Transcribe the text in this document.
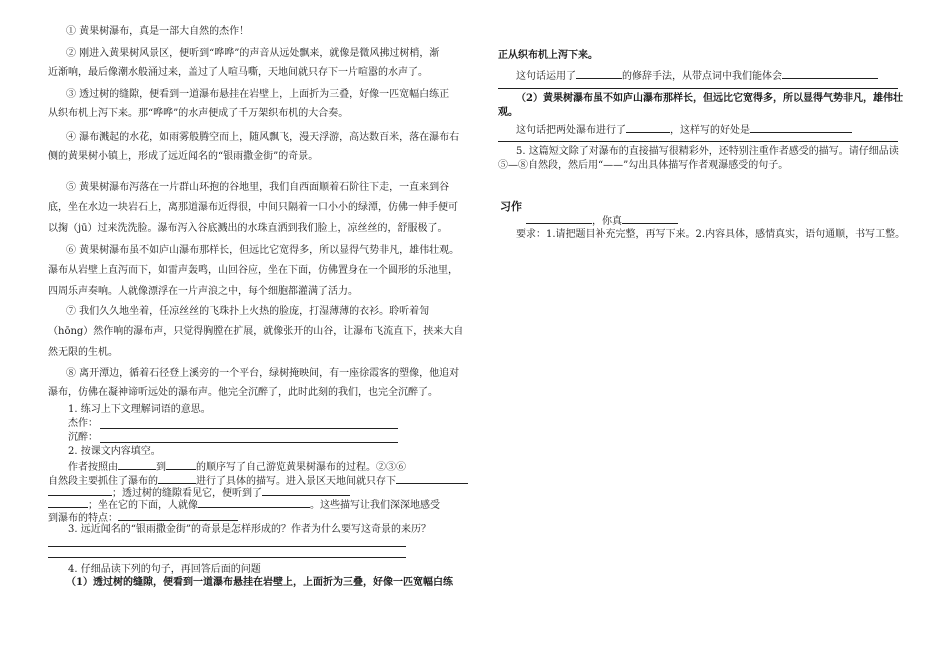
① 黄果树瀑布，真是一部大自然的杰作！
② 刚进入黄果树风景区，便听到“哗哗”的声音从远处飘来，就像是微风拂过树梢，渐
近渐响，最后像潮水般涌过来，盖过了人喧马嘶，天地间就只存下一片喧嚣的水声了。
③ 透过树的缝隙，便看到一道瀑布悬挂在岩壁上，上面折为三叠，好像一匹宽幅白练正
从织布机上泻下来。那“哗哗”的水声便成了千万架织布机的大合奏。
④ 瀑布溅起的水花，如雨雾般腾空而上，随风飘飞，漫天浮游，高达数百米，落在瀑布右
侧的黄果树小镇上，形成了远近闻名的“银雨撒金街”的奇景。
⑤ 黄果树瀑布泻落在一片群山环抱的谷地里，我们自西面顺着石阶往下走，一直来到谷
底，坐在水边一块岩石上，离那道瀑布近得很，中间只隔着一口小小的绿潭，仿佛一伸手便可
以掬（jū）过来洗洗脸。瀑布泻入谷底溅出的水珠直洒到我们脸上，凉丝丝的，舒服极了。
⑥ 黄果树瀑布虽不如庐山瀑布那样长，但远比它宽得多，所以显得气势非凡，雄伟壮观。
瀑布从岩壁上直泻而下，如雷声轰鸣，山回谷应，坐在下面，仿佛置身在一个圆形的乐池里，
四周乐声奏响。人就像漂浮在一片声浪之中，每个细胞都灌满了活力。
⑦ 我们久久地坐着，任凉丝丝的飞珠扑上火热的脸庞，打湿薄薄的衣衫。聆听着訇
（hōng）然作响的瀑布声，只觉得胸膛在扩展，就像张开的山谷，让瀑布飞流直下，挟来大自
然无限的生机。
⑧ 离开潭边，循着石径登上溪旁的一个平台，绿树掩映间，有一座徐霞客的塑像，他追对
瀑布，仿佛在凝神谛听远处的瀑布声。他完全沉醉了，此时此刻的我们，也完全沉醉了。
1. 练习上下文理解词语的意思。
杰作：
沉醉：
2. 按课文内容填空。
作者按照由	到	的顺序写了自己游览黄果树瀑布的过程。②③⑥
自然段主要抓住了瀑布的	进行了具体的描写。进入景区天地间就只存下
；透过树的缝隙看见它，便听到了
；坐在它的下面，人就像	。这些描写让我们深深地感受
到瀑布的特点：
3. 远近闻名的“银雨撒金街”的奇景是怎样形成的？作者为什么要写这奇景的来历？
4. 仔细品读下列的句子，再回答后面的问题
（1）透过树的缝隙，便看到一道瀑布悬挂在岩壁上，上面折为三叠，好像一匹宽幅白练
正从织布机上泻下来。
这句话运用了	的修辞手法，从带点词中我们能体会
（2）黄果树瀑布虽不如庐山瀑布那样长，但远比它宽得多，所以显得气势非凡，雄伟壮
观。
这句话把两处瀑布进行了	，这样写的好处是
5. 这篇短文除了对瀑布的直接描写很精彩外，还特别注重作者感受的描写。请仔细品读
⑤—⑧自然段，然后用“——”勾出具体描写作者观瀑感受的句子。
习作
，你真
要求：1.请把题目补充完整，再写下来。2.内容具体，感情真实，语句通顺，书写工整。
